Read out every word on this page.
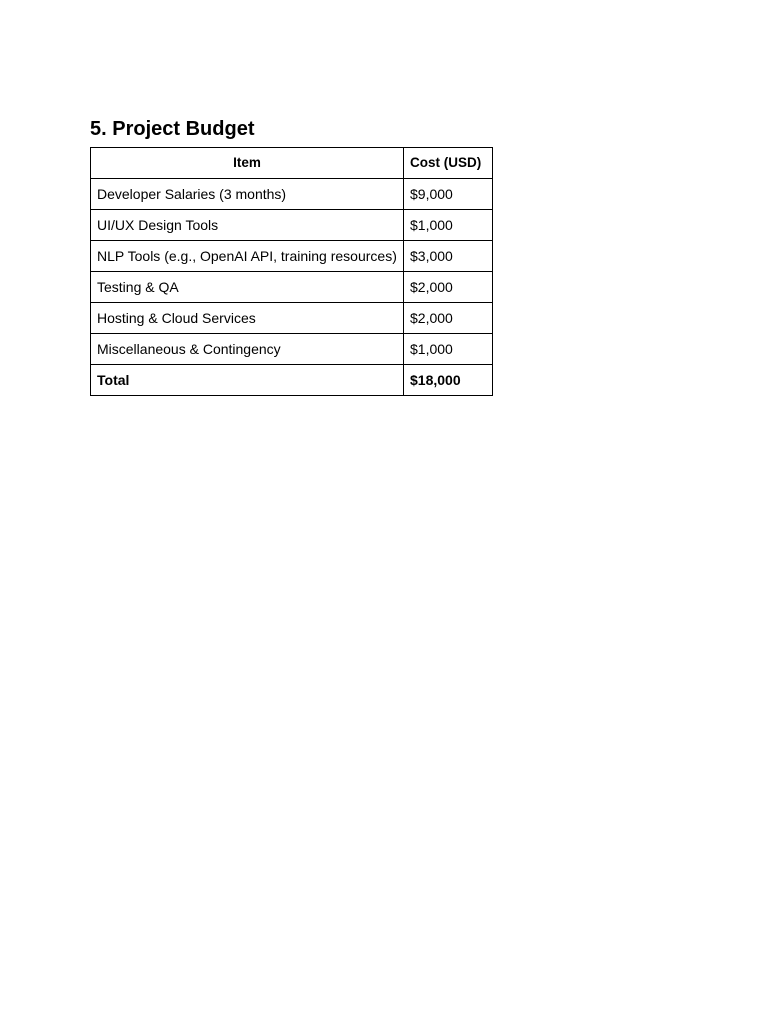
5. Project Budget
Item	Cost (USD)
Developer Salaries (3 months)	$9,000
UI/UX Design Tools	$1,000
NLP Tools (e.g., OpenAI API, training resources)	$3,000
Testing & QA	$2,000
Hosting & Cloud Services	$2,000
Miscellaneous & Contingency	$1,000
Total	$18,000
